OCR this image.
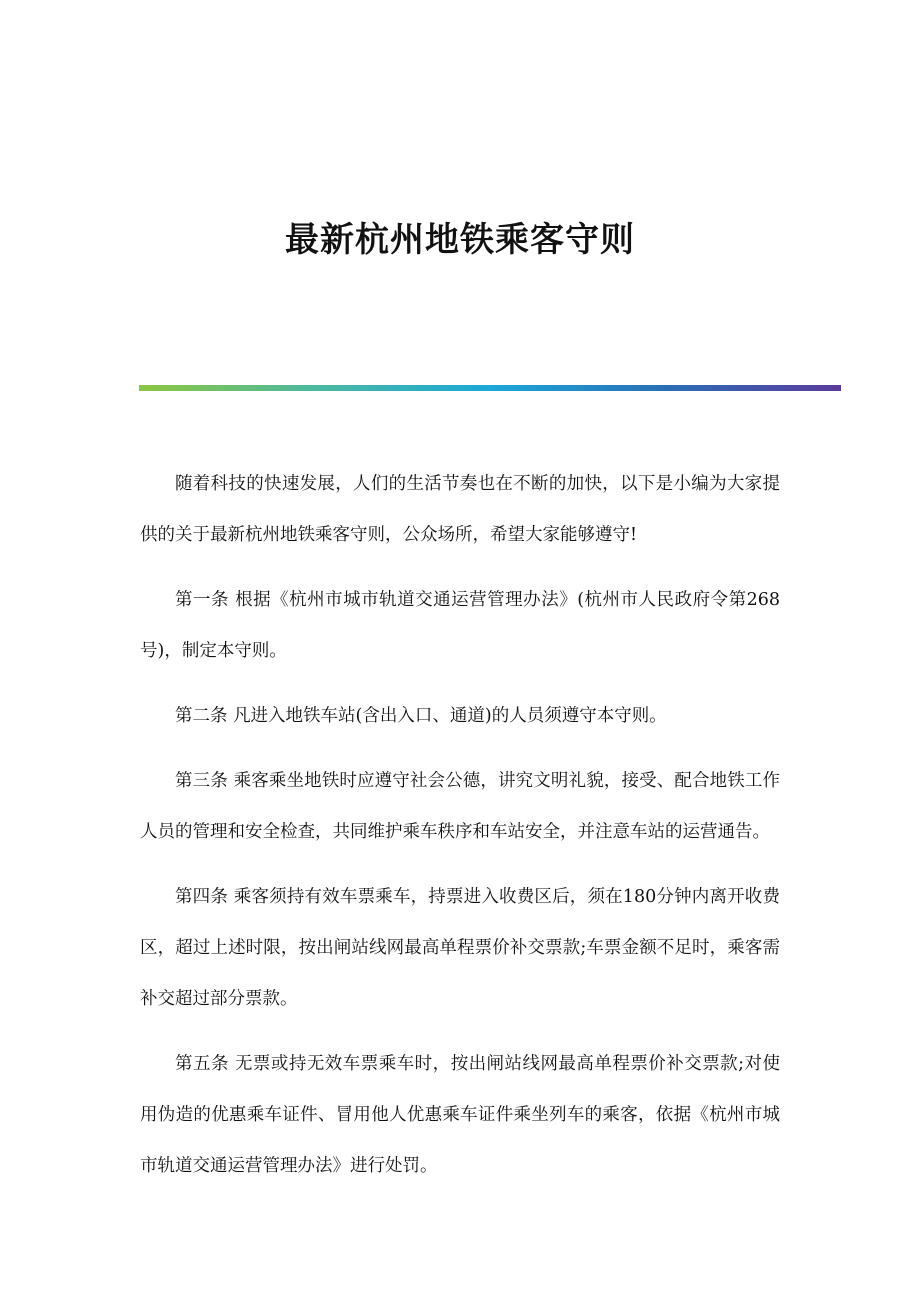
最新杭州地铁乘客守则

随着科技的快速发展，人们的生活节奏也在不断的加快，以下是小编为大家提供的关于最新杭州地铁乘客守则，公众场所，希望大家能够遵守!

第一条 根据《杭州市城市轨道交通运营管理办法》(杭州市人民政府令第268号)，制定本守则。

第二条 凡进入地铁车站(含出入口、通道)的人员须遵守本守则。

第三条 乘客乘坐地铁时应遵守社会公德，讲究文明礼貌，接受、配合地铁工作人员的管理和安全检查，共同维护乘车秩序和车站安全，并注意车站的运营通告。

第四条 乘客须持有效车票乘车，持票进入收费区后，须在180分钟内离开收费区，超过上述时限，按出闸站线网最高单程票价补交票款;车票金额不足时，乘客需补交超过部分票款。

第五条 无票或持无效车票乘车时，按出闸站线网最高单程票价补交票款;对使用伪造的优惠乘车证件、冒用他人优惠乘车证件乘坐列车的乘客，依据《杭州市城市轨道交通运营管理办法》进行处罚。
